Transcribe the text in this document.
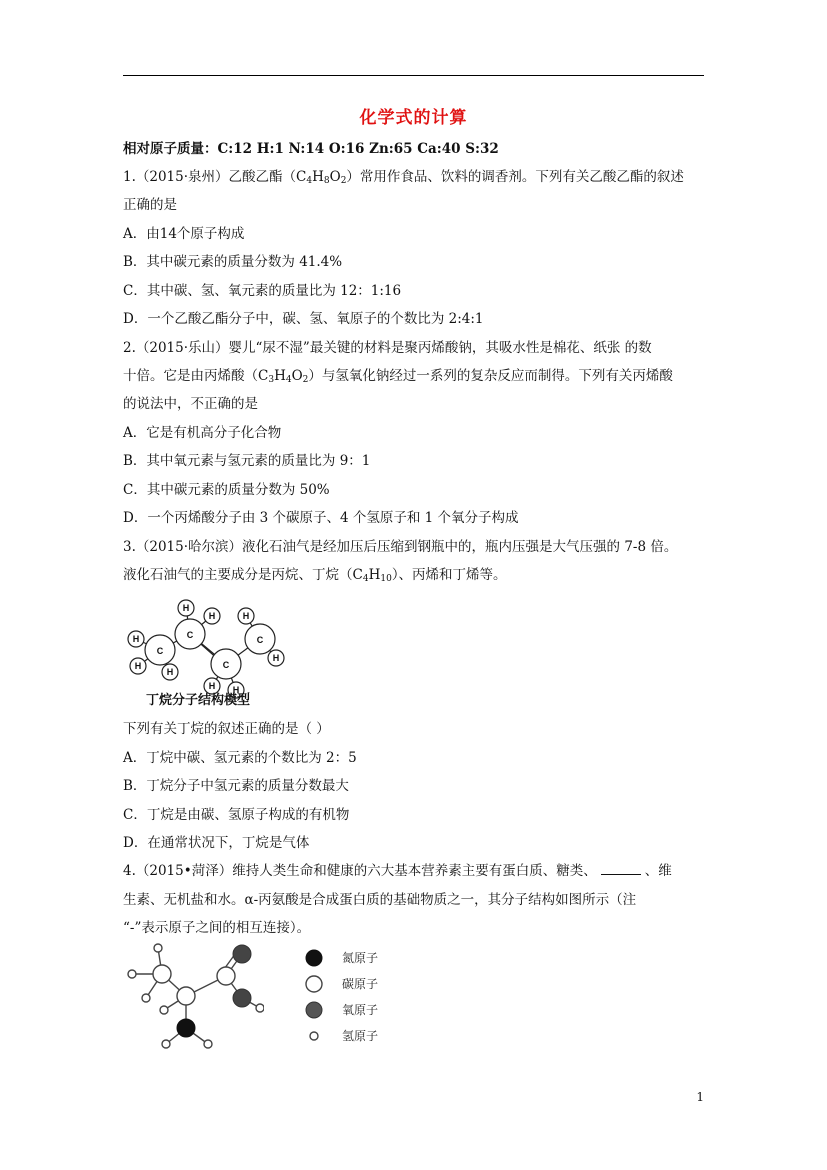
化学式的计算
相对原子质量：C:12 H:1 N:14 O:16 Zn:65 Ca:40 S:32
1.（2015·泉州）乙酸乙酯$(C_4H_8O_2)$常用作食品、饮料的调香剂。下列有关乙酸乙酯的叙述
正确的是
A．由14个原子构成
B．其中碳元素的质量分数为 41.4%
C．其中碳、氢、氧元素的质量比为 12：1:16
D．一个乙酸乙酯分子中，碳、氢、氧原子的个数比为 2:4:1
2.（2015·乐山）婴儿“尿不湿”最关键的材料是聚丙烯酸钠，其吸水性是棉花、纸张 的数
十倍。它是由丙烯酸$(C_3H_4O_2)$与氢氧化钠经过一系列的复杂反应而制得。下列有关丙烯酸
的说法中，不正确的是
A．它是有机高分子化合物
B．其中氧元素与氢元素的质量比为 9：1
C．其中碳元素的质量分数为 50%
D．一个丙烯酸分子由 3 个碳原子、4 个氢原子和 1 个氧分子构成
3.（2015·哈尔滨）液化石油气是经加压后压缩到钢瓶中的，瓶内压强是大气压强的 7-8 倍。
液化石油气的主要成分是丙烷、丁烷$(C_4H_{10})$、丙烯和丁烯等。
H
H
H
H
H
H H
H
H
C
C
C
C
丁烷分子结构模型
下列有关丁烷的叙述正确的是（ ）
A．丁烷中碳、氢元素的个数比为 2：5
B．丁烷分子中氢元素的质量分数最大
C．丁烷是由碳、氢原子构成的有机物
D．在通常状况下，丁烷是气体
4.（2015•菏泽）维持人类生命和健康的六大基本营养素主要有蛋白质、糖类、	、维
生素、无机盐和水。α-丙氨酸是合成蛋白质的基础物质之一，其分子结构如图所示（注
“-”表示原子之间的相互连接）。
氮原子
碳原子
氧原子
氢原子
1
